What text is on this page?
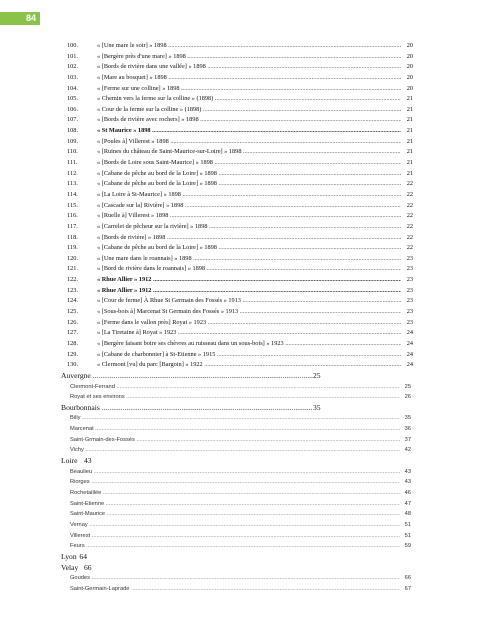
84
100.	« [Une mare le soir] » 1898 .....	20
101.	« [Bergère près d'une mare] » 1898 .....	20
102.	« [Bords de rivière dans une vallée] » 1898 .....	20
103.	« [Mare au bosquet] » 1898 .....	20
104.	« [Ferme sur une colline] » 1898 .....	20
105.	« Chemin vers la ferme sur la colline » (1898) .....	21
106.	« Cour de la ferme sur la colline » (1898) .....	21
107.	« [Bords de rivière avec rochers] » 1898 .....	21
108.	« St Maurice » 1898 .....	21
109.	« [Poules à] Villerest » 1898 .....	21
110.	« [Ruines du château de Saint-Maurice-sur-Loire] » 1898 .....	21
111.	« [Bords de Loire sous Saint-Maurice] » 1898 .....	21
112.	« [Cabane de pêche au bord de la Loire] » 1898 .....	21
113.	« [Cabane de pêche au bord de la Loire] » 1898 .....	22
114.	« [La Loire à St-Maurice] » 1898 .....	22
115.	« [Cascade sur la] Rivière] » 1898 .....	22
116.	« [Ruelle à] Villerest » 1898 .....	22
117.	« [Carrelet de pêcheur sur la rivière] » 1898 .....	22
118.	« [Bords de rivière] » 1898 .....	22
119.	« [Cabane de pêche au bord de la Loire] » 1898 .....	22
120.	« [Une mare dans le roannais] » 1898 .....	23
121.	« [Bord de rivière dans le roannais] » 1898 .....	23
122.	« Rhue Allier » 1912 .....	23
123.	« Rhue Allier » 1912 .....	23
124.	« [Cour de ferme] À Rhue St Germain des Fossés » 1913 .....	23
125.	« [Sous-bois à] Marcenat St Germain des Fossés » 1913 .....	23
126.	« [Ferme dans le vallon près] Royat » 1923 .....	23
127.	« [La Tiretaine à] Royat » 1923 .....	24
128.	« [Bergère faisant boire ses chèvres au ruisseau dans un sous-bois] » 1923 .....	24
129.	« [Cabane de charbonnier] à St-Etienne » 1915 .....	24
130.	« Clermont [vu] du parc [Bargoin] » 1922 .....	24
Auvergne .....	25
Clermont-Ferrand .....	25
Royat et ses environs .....	26
Bourbonnais .....	35
Billy .....	35
Marcenat .....	36
Saint-Grmain-des-Fossés .....	37
Vichy .....	42
Loire 43
Beaulieu .....	43
Riorges .....	43
Rochetaillée .....	46
Saint-Etienne .....	47
Saint-Maurice .....	48
Vernay .....	51
Villerest .....	51
Feurs .....	59
Lyon 64
Velay 66
Goudes .....	66
Saint-Germain-Laprade .....	67
